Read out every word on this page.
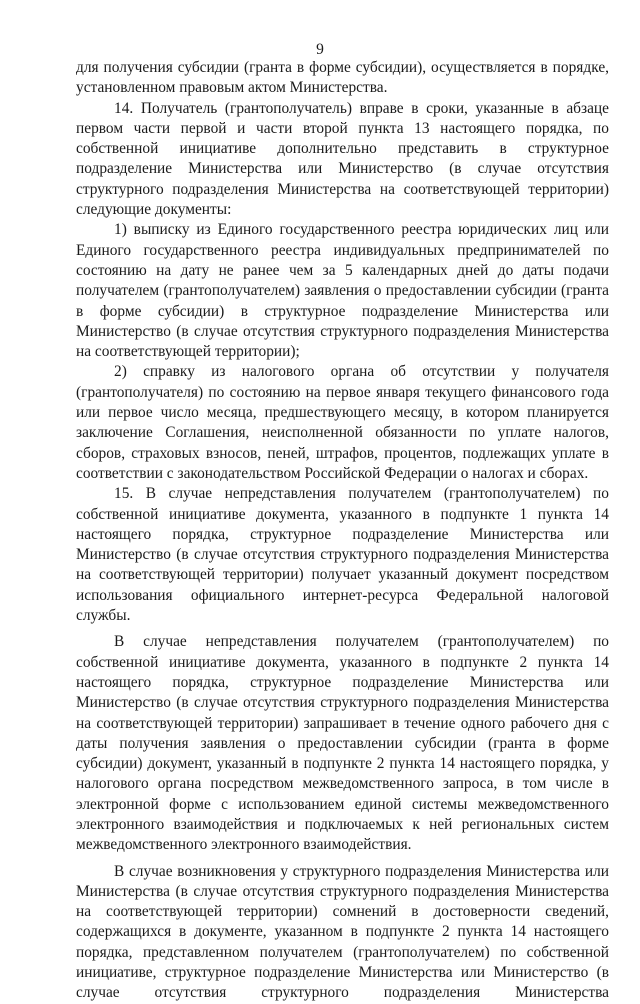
9

для получения субсидии (гранта в форме субсидии), осуществляется в порядке, установленном правовым актом Министерства.

14. Получатель (грантополучатель) вправе в сроки, указанные в абзаце первом части первой и части второй пункта 13 настоящего порядка, по собственной инициативе дополнительно представить в структурное подразделение Министерства или Министерство (в случае отсутствия структурного подразделения Министерства на соответствующей территории) следующие документы:

1) выписку из Единого государственного реестра юридических лиц или Единого государственного реестра индивидуальных предпринимателей по состоянию на дату не ранее чем за 5 календарных дней до даты подачи получателем (грантополучателем) заявления о предоставлении субсидии (гранта в форме субсидии) в структурное подразделение Министерства или Министерство (в случае отсутствия структурного подразделения Министерства на соответствующей территории);

2) справку из налогового органа об отсутствии у получателя (грантополучателя) по состоянию на первое января текущего финансового года или первое число месяца, предшествующего месяцу, в котором планируется заключение Соглашения, неисполненной обязанности по уплате налогов, сборов, страховых взносов, пеней, штрафов, процентов, подлежащих уплате в соответствии с законодательством Российской Федерации о налогах и сборах.

15. В случае непредставления получателем (грантополучателем) по собственной инициативе документа, указанного в подпункте 1 пункта 14 настоящего порядка, структурное подразделение Министерства или Министерство (в случае отсутствия структурного подразделения Министерства на соответствующей территории) получает указанный документ посредством использования официального интернет-ресурса Федеральной налоговой службы.

В случае непредставления получателем (грантополучателем) по собственной инициативе документа, указанного в подпункте 2 пункта 14 настоящего порядка, структурное подразделение Министерства или Министерство (в случае отсутствия структурного подразделения Министерства на соответствующей территории) запрашивает в течение одного рабочего дня с даты получения заявления о предоставлении субсидии (гранта в форме субсидии) документ, указанный в подпункте 2 пункта 14 настоящего порядка, у налогового органа посредством межведомственного запроса, в том числе в электронной форме с использованием единой системы межведомственного электронного взаимодействия и подключаемых к ней региональных систем межведомственного электронного взаимодействия.

В случае возникновения у структурного подразделения Министерства или Министерства (в случае отсутствия структурного подразделения Министерства на соответствующей территории) сомнений в достоверности сведений, содержащихся в документе, указанном в подпункте 2 пункта 14 настоящего порядка, представленном получателем (грантополучателем) по собственной инициативе, структурное подразделение Министерства или Министерство (в случае отсутствия структурного подразделения Министерства
